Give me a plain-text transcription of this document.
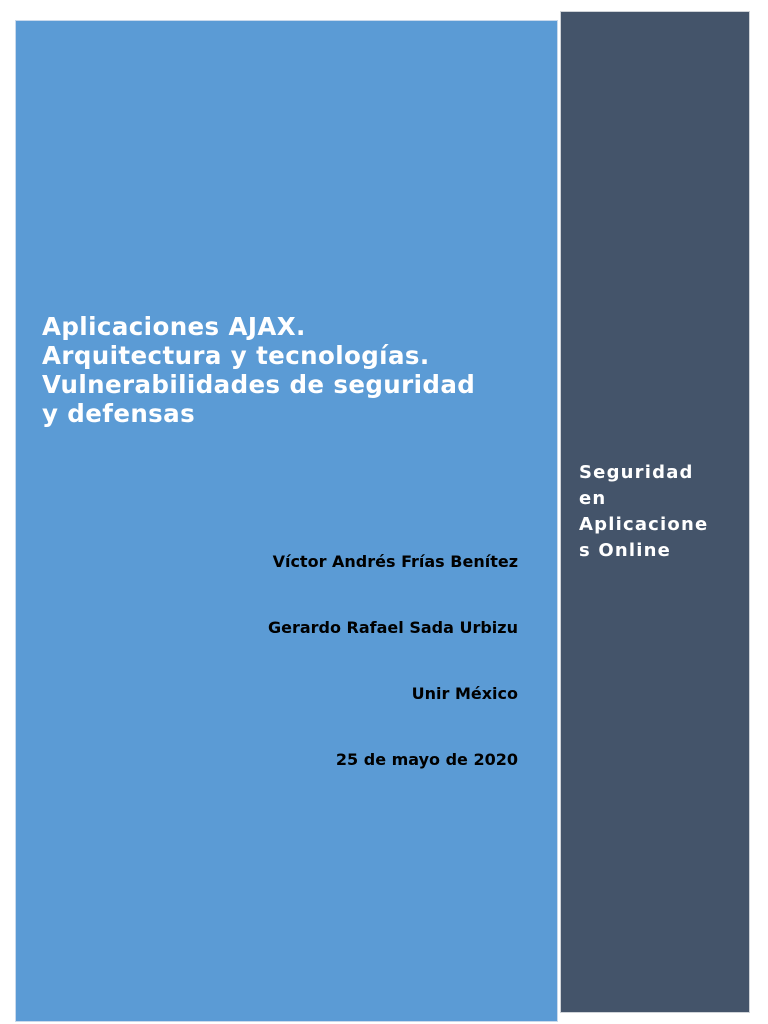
Aplicaciones AJAX.
Arquitectura y tecnologías.
Vulnerabilidades de seguridad
y defensas
Víctor Andrés Frías Benítez
Gerardo Rafael Sada Urbizu
Unir México
25 de mayo de 2020
Seguridad
en
Aplicacione
s Online
